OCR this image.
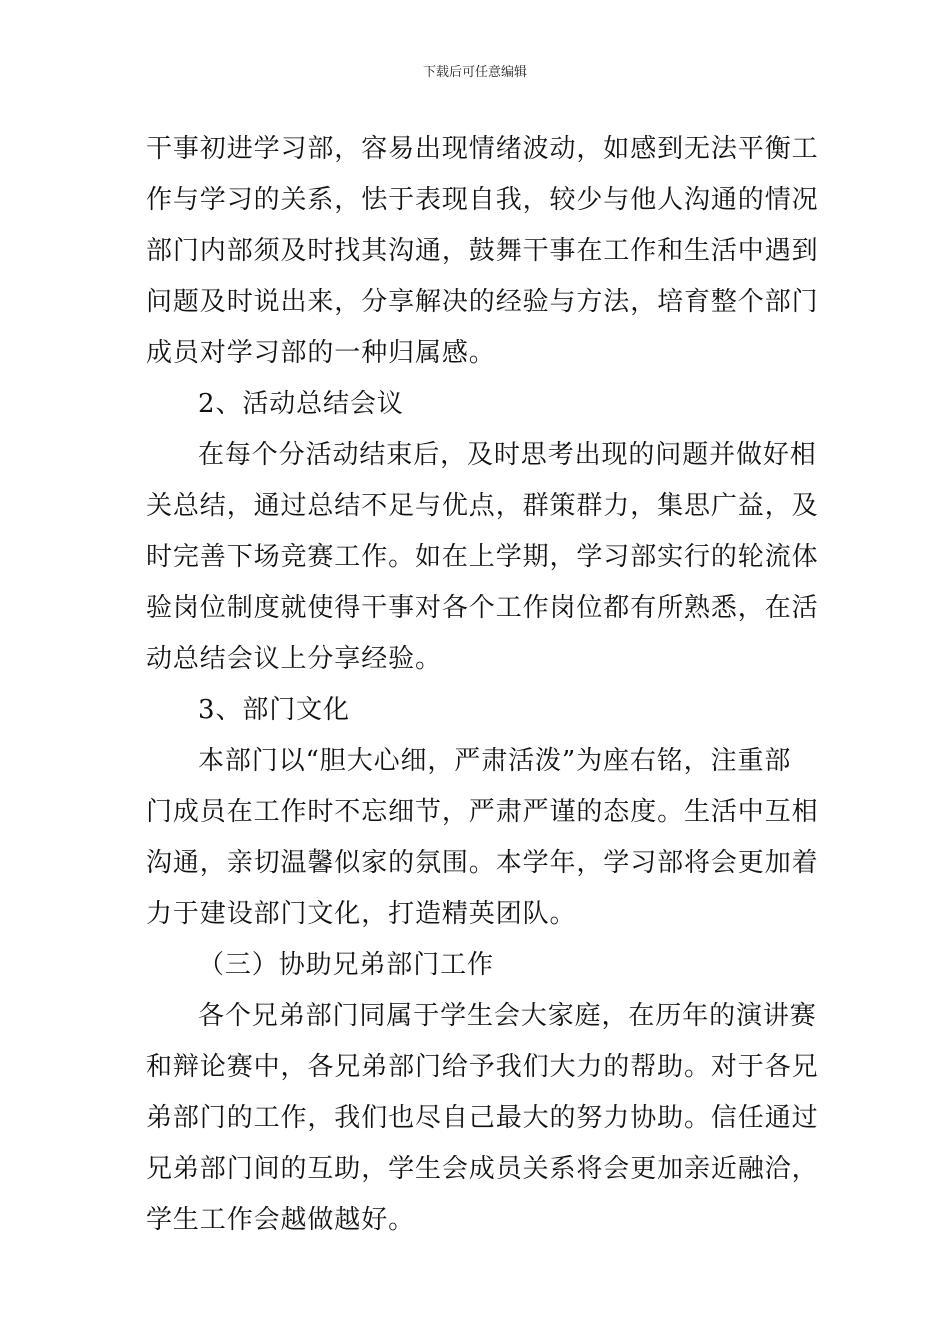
下载后可任意编辑
干事初进学习部，容易出现情绪波动，如感到无法平衡工
作与学习的关系，怯于表现自我，较少与他人沟通的情况
部门内部须及时找其沟通，鼓舞干事在工作和生活中遇到
问题及时说出来，分享解决的经验与方法，培育整个部门
成员对学习部的一种归属感。
2、活动总结会议
在每个分活动结束后，及时思考出现的问题并做好相
关总结，通过总结不足与优点，群策群力，集思广益，及
时完善下场竞赛工作。如在上学期，学习部实行的轮流体
验岗位制度就使得干事对各个工作岗位都有所熟悉，在活
动总结会议上分享经验。
3、部门文化
本部门以“胆大心细，严肃活泼”为座右铭，注重部
门成员在工作时不忘细节，严肃严谨的态度。生活中互相
沟通，亲切温馨似家的氛围。本学年，学习部将会更加着
力于建设部门文化，打造精英团队。
（三）协助兄弟部门工作
各个兄弟部门同属于学生会大家庭，在历年的演讲赛
和辩论赛中，各兄弟部门给予我们大力的帮助。对于各兄
弟部门的工作，我们也尽自己最大的努力协助。信任通过
兄弟部门间的互助，学生会成员关系将会更加亲近融洽，
学生工作会越做越好。
